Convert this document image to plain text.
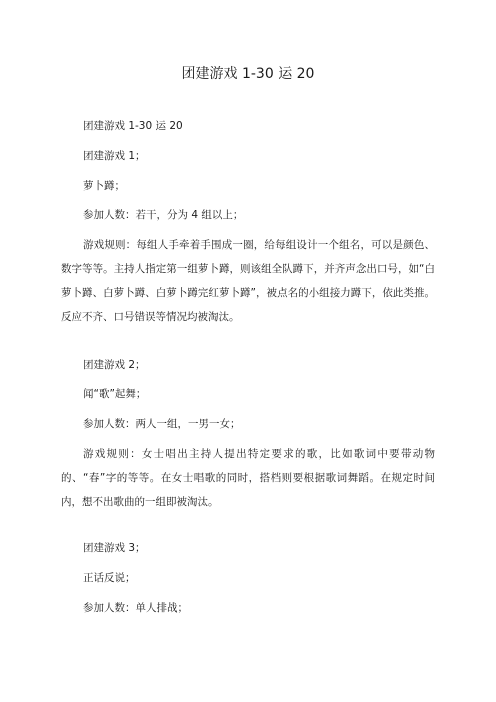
团建游戏 1-30 运 20

团建游戏 1-30 运 20

团建游戏 1；

萝卜蹲；

参加人数：若干，分为 4 组以上；

游戏规则：每组人手牵着手围成一圈，给每组设计一个组名，可以是颜色、数字等等。主持人指定第一组萝卜蹲，则该组全队蹲下，并齐声念出口号，如“白萝卜蹲、白萝卜蹲、白萝卜蹲完红萝卜蹲”，被点名的小组接力蹲下，依此类推。反应不齐、口号错误等情况均被淘汰。

团建游戏 2；

闻“歌”起舞；

参加人数：两人一组，一男一女；

游戏规则：女士唱出主持人提出特定要求的歌，比如歌词中要带动物的、“春”字的等等。在女士唱歌的同时，搭档则要根据歌词舞蹈。在规定时间内，想不出歌曲的一组即被淘汰。

团建游戏 3；

正话反说；

参加人数：单人排战；
